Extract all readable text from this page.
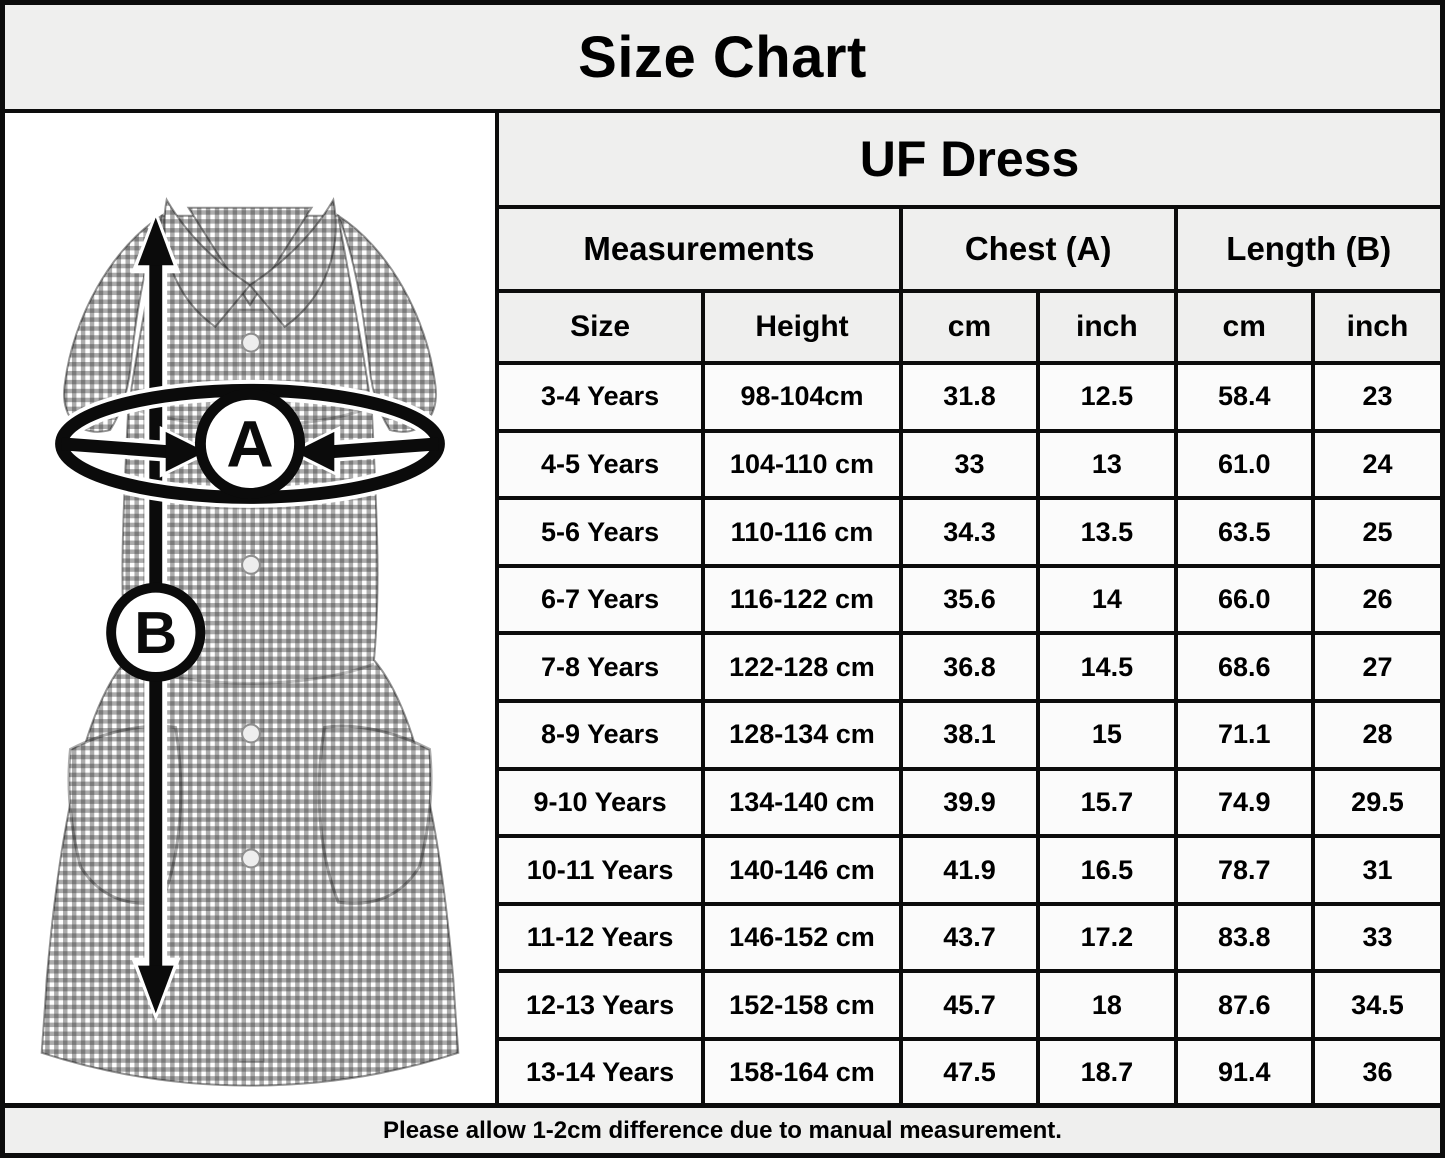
Size Chart
A
B
UF Dress					
Measurements		Chest (A)		Length (B)	
Size	Height	cm	inch	cm	inch
3-4 Years	98-104cm	31.8	12.5	58.4	23
4-5 Years	104-110 cm	33	13	61.0	24
5-6 Years	110-116 cm	34.3	13.5	63.5	25
6-7 Years	116-122 cm	35.6	14	66.0	26
7-8 Years	122-128 cm	36.8	14.5	68.6	27
8-9 Years	128-134 cm	38.1	15	71.1	28
9-10 Years	134-140 cm	39.9	15.7	74.9	29.5
10-11 Years	140-146 cm	41.9	16.5	78.7	31
11-12 Years	146-152 cm	43.7	17.2	83.8	33
12-13 Years	152-158 cm	45.7	18	87.6	34.5
13-14 Years	158-164 cm	47.5	18.7	91.4	36
Please allow 1-2cm difference due to manual measurement.
